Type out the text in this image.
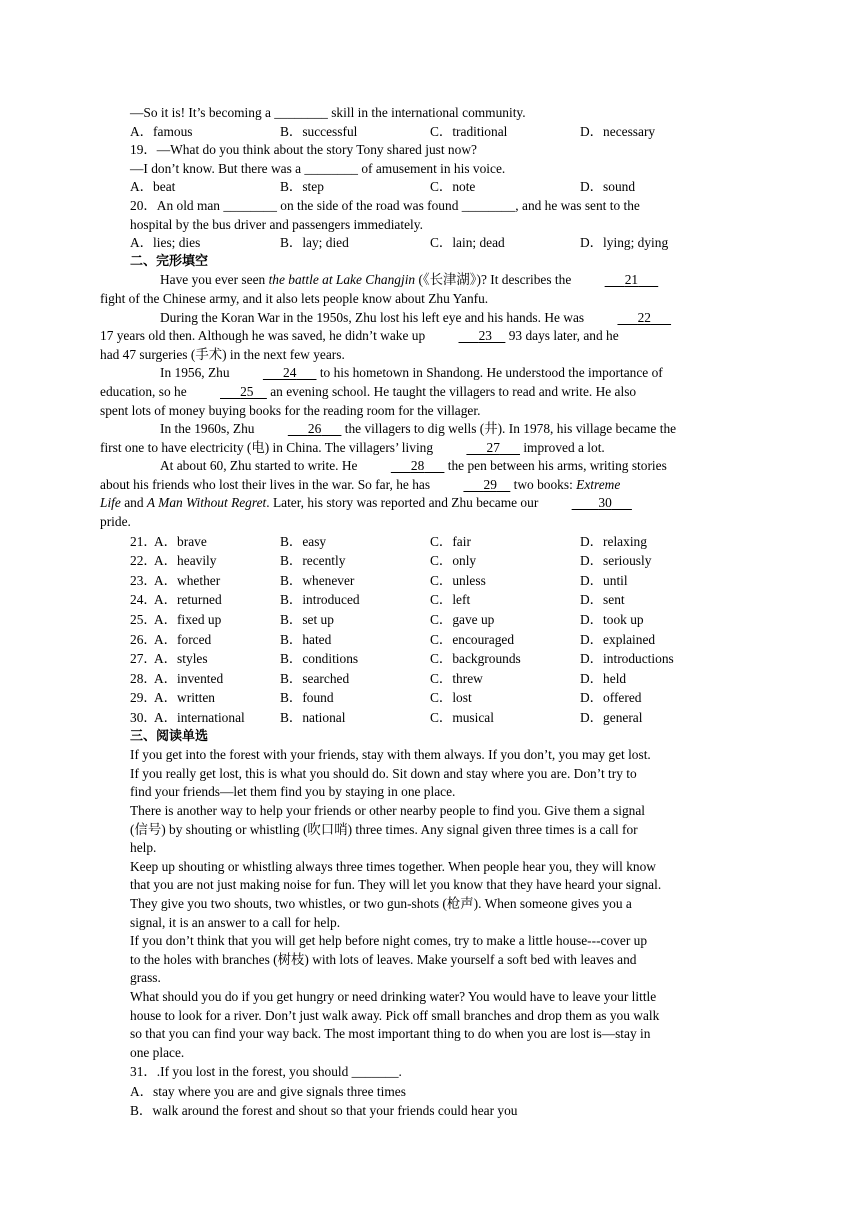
—So it is! It’s becoming a ________ skill in the international community.

A．famous	B．successful	C．traditional	D．necessary

19．—What do you think about the story Tony shared just now?

—I don’t know. But there was a ________ of amusement in his voice.

A．beat	B．step	C．note	D．sound

20．An old man ________ on the side of the road was found ________, and he was sent to the

hospital by the bus driver and passengers immediately.

A．lies; dies	B．lay; died	C．lain; dead	D．lying; dying

二、完形填空

Have you ever seen the battle at Lake Changjin (《长津湖》)? It describes the   	21  
fight of the Chinese army, and it also lets people know about Zhu Yanfu.

During the Koran War in the 1950s, Zhu lost his left eye and his hands. He was   	22  
17 years old then. Although he was saved, he didn’t wake up   	23  93 days later, and he
had 47 surgeries (手术) in the next few years.

In 1956, Zhu   	24   to his hometown in Shandong. He understood the importance of
education, so he   	25  an evening school. He taught the villagers to read and write. He also
spent lots of money buying books for the reading room for the villager.

In the 1960s, Zhu   	26   the villagers to dig wells (井). In 1978, his village became the
first one to have electricity (电) in China. The villagers’ living   	27   improved a lot.

At about 60, Zhu started to write. He   	28   the pen between his arms, writing stories
about his friends who lost their lives in the war. So far, he has   	29  two books: Extreme
Life and A Man Without Regret. Later, his story was reported and Zhu became our   	30  
pride.

21．
A．brave	B．easy	C．fair	D．relaxing
22．
A．heavily	B．recently	C．only	D．seriously
23．
A．whether	B．whenever	C．unless	D．until
24．
A．returned	B．introduced	C．left	D．sent
25．
A．fixed up	B．set up	C．gave up	D．took up
26．
A．forced	B．hated	C．encouraged	D．explained
27．
A．styles	B．conditions	C．backgrounds	D．introductions
28．
A．invented	B．searched	C．threw	D．held
29．
A．written	B．found	C．lost	D．offered
30．
A．international	B．national	C．musical	D．general

三、阅读单选

If you get into the forest with your friends, stay with them always. If you don’t, you may get lost.

If you really get lost, this is what you should do. Sit down and stay where you are. Don’t try to

find your friends—let them find you by staying in one place.

There is another way to help your friends or other nearby people to find you. Give them a signal

(信号) by shouting or whistling (吹口哨) three times. Any signal given three times is a call for

help.

Keep up shouting or whistling always three times together. When people hear you, they will know

that you are not just making noise for fun. They will let you know that they have heard your signal.

They give you two shouts, two whistles, or two gun-shots (枪声). When someone gives you a

signal, it is an answer to a call for help.

If you don’t think that you will get help before night comes, try to make a little house---cover up

to the holes with branches (树枝) with lots of leaves. Make yourself a soft bed with leaves and

grass.

What should you do if you get hungry or need drinking water? You would have to leave your little

house to look for a river. Don’t just walk away. Pick off small branches and drop them as you walk

so that you can find your way back. The most important thing to do when you are lost is—stay in

one place.

31．.If you lost in the forest, you should _______.

A．stay where you are and give signals three times

B．walk around the forest and shout so that your friends could hear you
